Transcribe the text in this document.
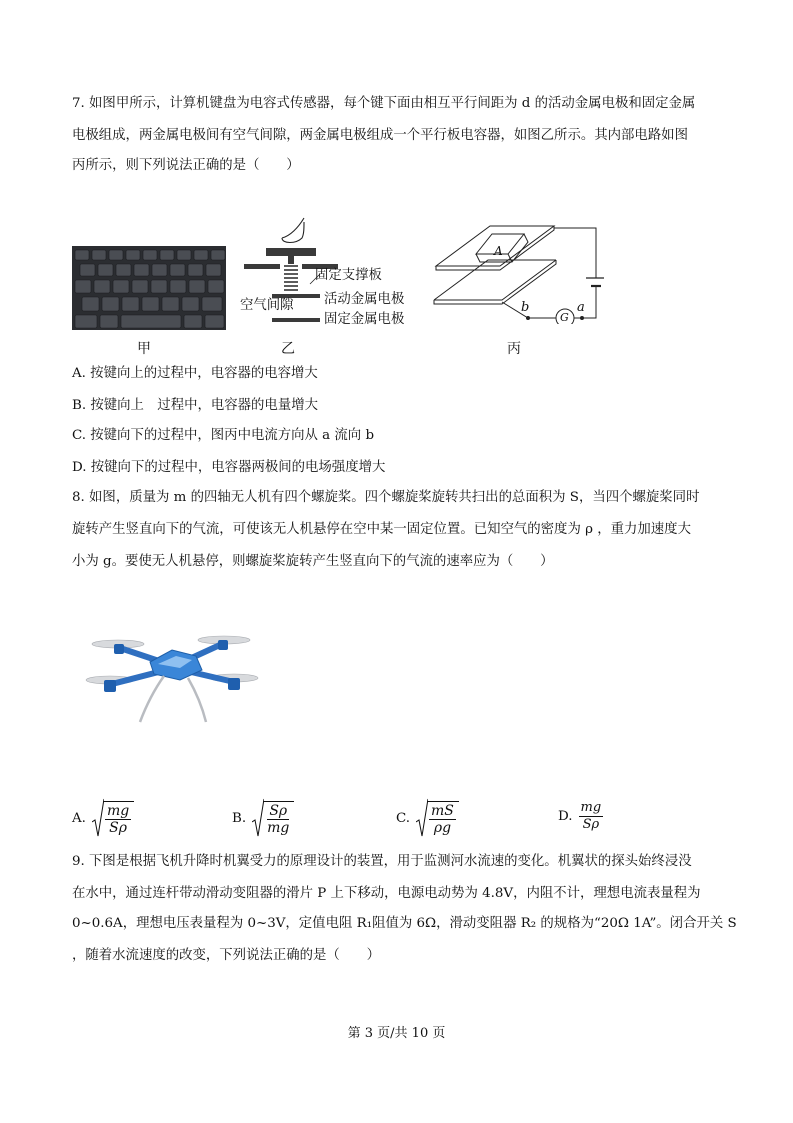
7. 如图甲所示，计算机键盘为电容式传感器，每个键下面由相互平行间距为 d 的活动金属电极和固定金属
电极组成，两金属电极间有空气间隙，两金属电极组成一个平行板电容器，如图乙所示。其内部电路如图
丙所示，则下列说法正确的是（　　）
甲
固定支撑板
空气间隙 活动金属电极
固定金属电极
乙
A
b	a
G
丙
A. 按键向上的过程中，电容器的电容增大
B. 按键向上　过程中，电容器的电量增大
C. 按键向下的过程中，图丙中电流方向从 a 流向 b
D. 按键向下的过程中，电容器两极间的电场强度增大
8. 如图，质量为 m 的四轴无人机有四个螺旋桨。四个螺旋桨旋转共扫出的总面积为 S，当四个螺旋桨同时
旋转产生竖直向下的气流，可使该无人机悬停在空中某一固定位置。已知空气的密度为 ρ ，重力加速度大
小为 g。要使无人机悬停，则螺旋桨旋转产生竖直向下的气流的速率应为（　　）
A. $\frac{mg}{S\rho}$	B. $\frac{S\rho}{mg}$	C. $\frac{mS}{\rho g}$	D. $\frac{mg}{S\rho}$
9. 下图是根据飞机升降时机翼受力的原理设计的装置，用于监测河水流速的变化。机翼状的探头始终浸没
在水中，通过连杆带动滑动变阻器的滑片 P 上下移动，电源电动势为 4.8V，内阻不计，理想电流表量程为
0~0.6A，理想电压表量程为 0~3V，定值电阻 R₁阻值为 6Ω，滑动变阻器 R₂ 的规格为“20Ω 1A”。闭合开关 S
，随着水流速度的改变，下列说法正确的是（　　）
第 3 页/共 10 页
